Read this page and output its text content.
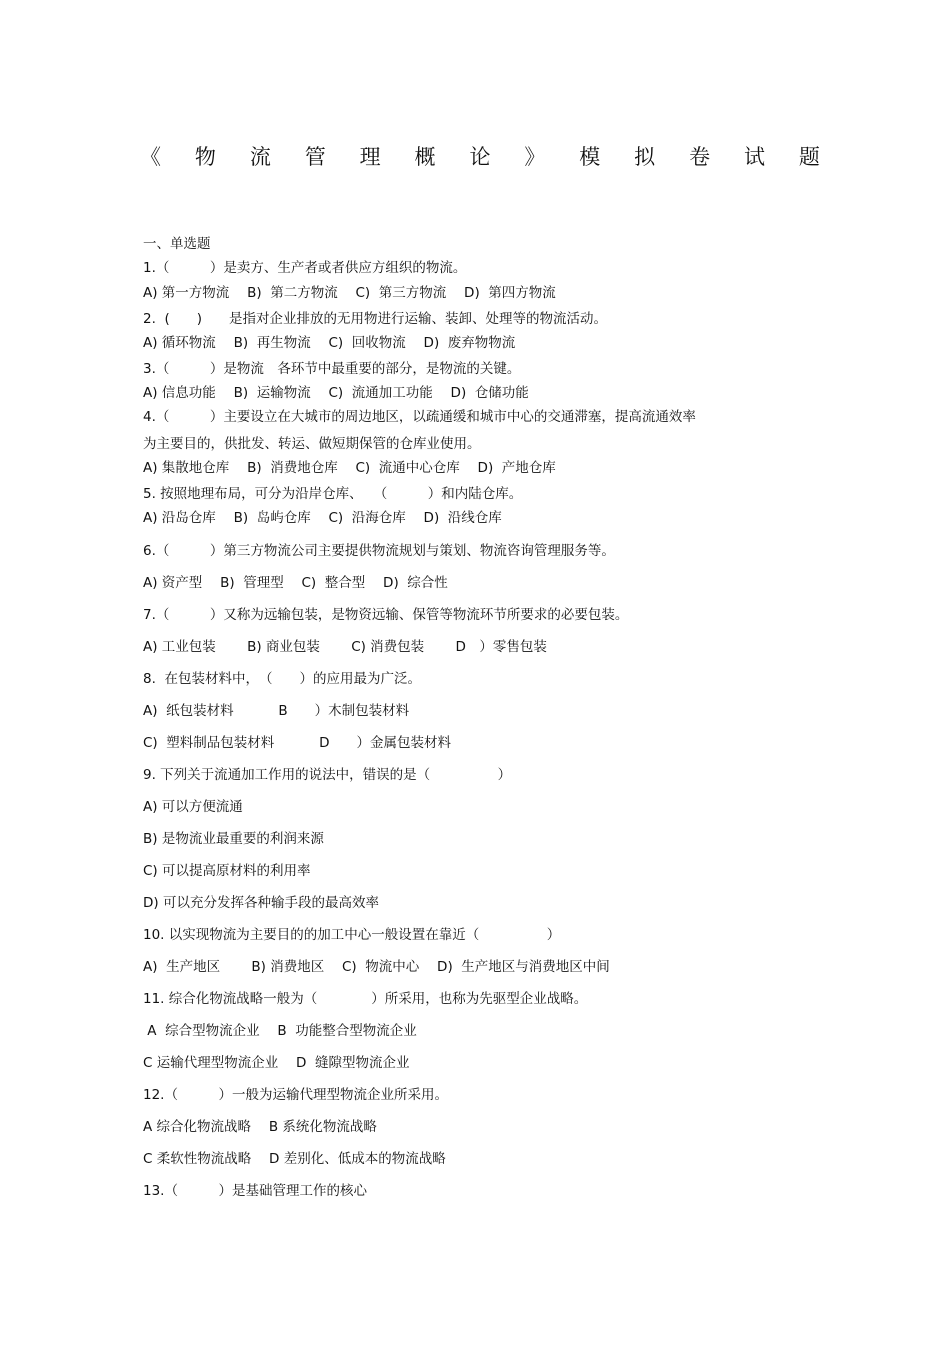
《 物 流 管 理 概 论 》 模 拟 卷 试 题
一、单选题
1.（　　　）是卖方、生产者或者供应方组织的物流。
A) 第一方物流　 B)  第二方物流　 C)  第三方物流　 D)  第四方物流
2.  (　　)　　是指对企业排放的无用物进行运输、装卸、处理等的物流活动。
A) 循环物流　 B)  再生物流　 C)  回收物流　 D)  废弃物物流
3.（　　　）是物流　各环节中最重要的部分，是物流的关键。
A) 信息功能　 B)  运输物流　 C)  流通加工功能　 D)  仓储功能
4.（　　　）主要设立在大城市的周边地区，以疏通缓和城市中心的交通滞塞，提高流通效率
为主要目的，供批发、转运、做短期保管的仓库业使用。
A) 集散地仓库　 B)  消费地仓库　 C)  流通中心仓库　 D)  产地仓库
5. 按照地理布局，可分为沿岸仓库、　 （　　　）和内陆仓库。
A) 沿岛仓库　 B)  岛屿仓库　 C)  沿海仓库　 D)  沿线仓库
6.（　　　）第三方物流公司主要提供物流规划与策划、物流咨询管理服务等。
A) 资产型　 B)  管理型　 C)  整合型　 D)  综合性
7.（　　　）又称为远输包装，是物资远输、保管等物流环节所要求的必要包装。
A) 工业包装　　 B) 商业包装　　 C) 消费包装　　 D　）零售包装
8.  在包装材料中，　（　　）的应用最为广泛。
A)  纸包装材料　　　 B　　）木制包装材料
C)  塑料制品包装材料　　　 D　　）金属包装材料
9. 下列关于流通加工作用的说法中，错误的是（　　　　　）
A) 可以方便流通
B) 是物流业最重要的利润来源
C) 可以提高原材料的利用率
D) 可以充分发挥各种输手段的最高效率
10. 以实现物流为主要目的的加工中心一般设置在靠近（　　　　　）
A)  生产地区　　 B) 消费地区　 C)  物流中心　 D)  生产地区与消费地区中间
11. 综合化物流战略一般为（　　　　）所采用，也称为先驱型企业战略。
A  综合型物流企业　 B  功能整合型物流企业
C 运输代理型物流企业　 D  缝隙型物流企业
12.（　　　）一般为运输代理型物流企业所采用。
A 综合化物流战略　 B 系统化物流战略
C 柔软性物流战略　 D 差别化、低成本的物流战略
13.（　　　）是基础管理工作的核心
